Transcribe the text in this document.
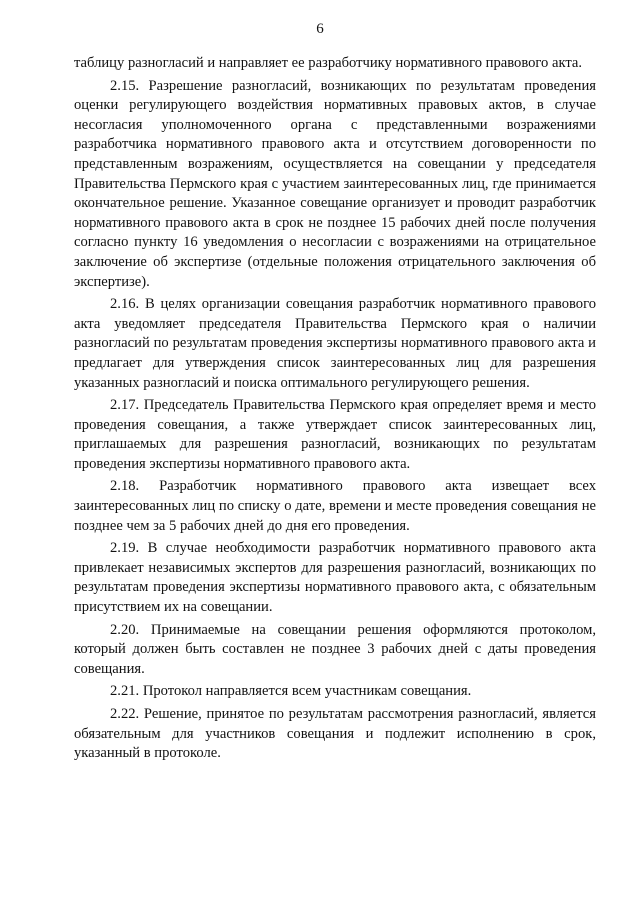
6

таблицу разногласий и направляет ее разработчику нормативного правового акта.

2.15. Разрешение разногласий, возникающих по результатам проведения оценки регулирующего воздействия нормативных правовых актов, в случае несогласия уполномоченного органа с представленными возражениями разработчика нормативного правового акта и отсутствием договоренности по представленным возражениям, осуществляется на совещании у председателя Правительства Пермского края с участием заинтересованных лиц, где принимается окончательное решение. Указанное совещание организует и проводит разработчик нормативного правового акта в срок не позднее 15 рабочих дней после получения согласно пункту 16 уведомления о несогласии с возражениями на отрицательное заключение об экспертизе (отдельные положения отрицательного заключения об экспертизе).

2.16. В целях организации совещания разработчик нормативного правового акта уведомляет председателя Правительства Пермского края о наличии разногласий по результатам проведения экспертизы нормативного правового акта и предлагает для утверждения список заинтересованных лиц для разрешения указанных разногласий и поиска оптимального регулирующего решения.

2.17. Председатель Правительства Пермского края определяет время и место проведения совещания, а также утверждает список заинтересованных лиц, приглашаемых для разрешения разногласий, возникающих по результатам проведения экспертизы нормативного правового акта.

2.18. Разработчик нормативного правового акта извещает всех заинтересованных лиц по списку о дате, времени и месте проведения совещания не позднее чем за 5 рабочих дней до дня его проведения.

2.19. В случае необходимости разработчик нормативного правового акта привлекает независимых экспертов для разрешения разногласий, возникающих по результатам проведения экспертизы нормативного правового акта, с обязательным присутствием их на совещании.

2.20. Принимаемые на совещании решения оформляются протоколом, который должен быть составлен не позднее 3 рабочих дней с даты проведения совещания.

2.21. Протокол направляется всем участникам совещания.

2.22. Решение, принятое по результатам рассмотрения разногласий, является обязательным для участников совещания и подлежит исполнению в срок, указанный в протоколе.
